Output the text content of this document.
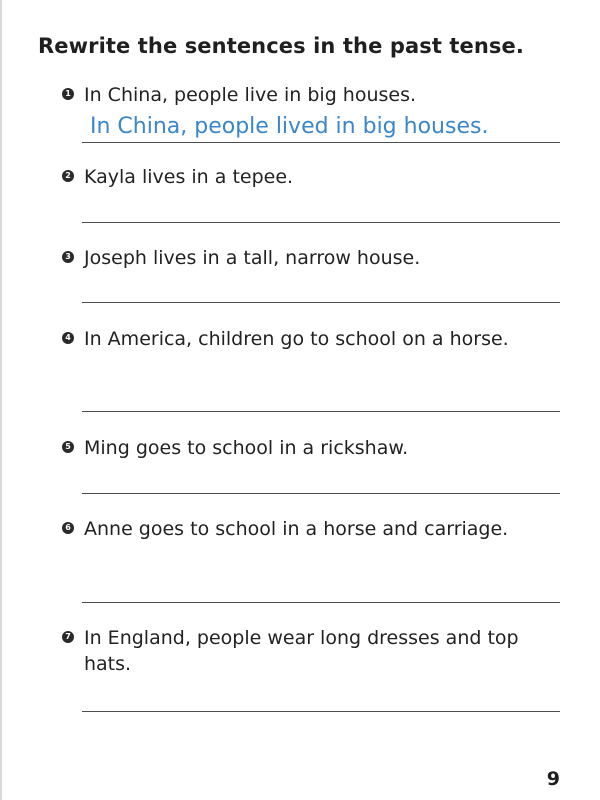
Rewrite the sentences in the past tense.
1 In China, people live in big houses.
In China, people lived in big houses.
2 Kayla lives in a tepee.
3 Joseph lives in a tall, narrow house.
4 In America, children go to school on a horse.
5 Ming goes to school in a rickshaw.
6 Anne goes to school in a horse and carriage.
7 In England, people wear long dresses and top hats.
9
